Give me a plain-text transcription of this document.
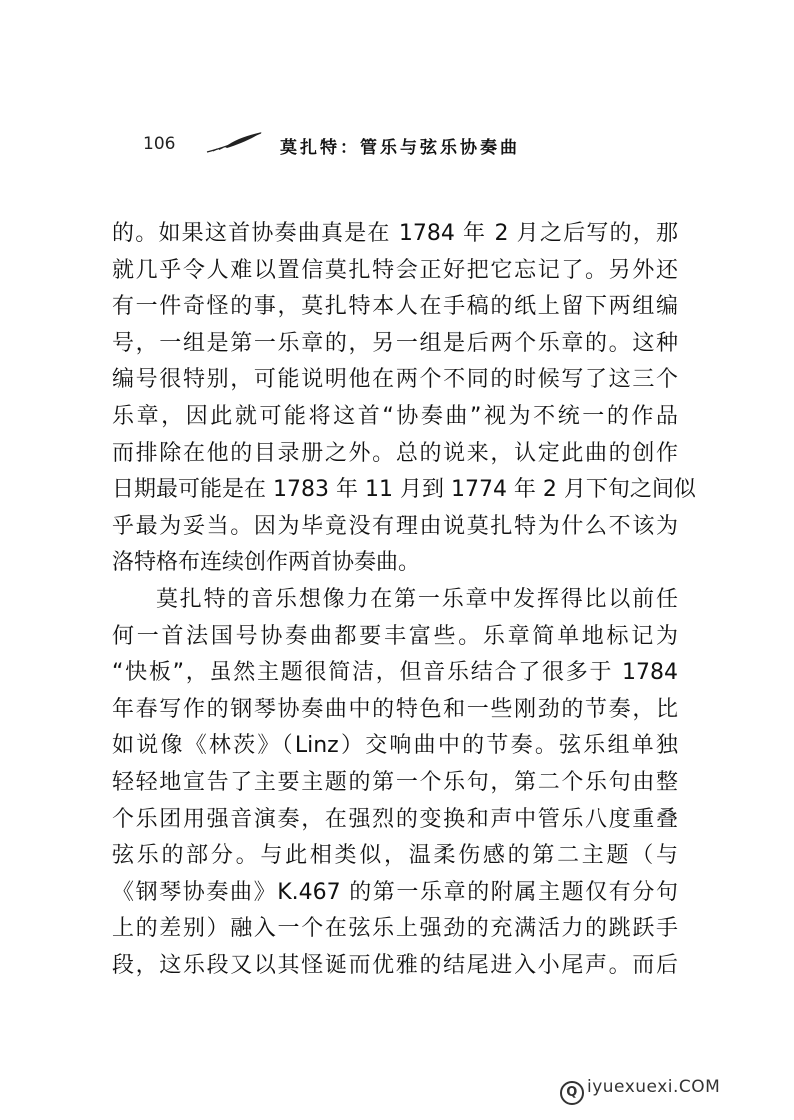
106	莫扎特：管乐与弦乐协奏曲
的。如果这首协奏曲真是在 1784 年 2 月之后写的，那
就几乎令人难以置信莫扎特会正好把它忘记了。另外还
有一件奇怪的事，莫扎特本人在手稿的纸上留下两组编
号，一组是第一乐章的，另一组是后两个乐章的。这种
编号很特别，可能说明他在两个不同的时候写了这三个
乐章，因此就可能将这首“协奏曲”视为不统一的作品
而排除在他的目录册之外。总的说来，认定此曲的创作
日期最可能是在 1783 年 11 月到 1774 年 2 月下旬之间似
乎最为妥当。因为毕竟没有理由说莫扎特为什么不该为
洛特格布连续创作两首协奏曲。
莫扎特的音乐想像力在第一乐章中发挥得比以前任
何一首法国号协奏曲都要丰富些。乐章简单地标记为
“快板”，虽然主题很简洁，但音乐结合了很多于 1784
年春写作的钢琴协奏曲中的特色和一些刚劲的节奏，比
如说像《林茨》（Linz）交响曲中的节奏。弦乐组单独
轻轻地宣告了主要主题的第一个乐句，第二个乐句由整
个乐团用强音演奏，在强烈的变换和声中管乐八度重叠
弦乐的部分。与此相类似，温柔伤感的第二主题（与
《钢琴协奏曲》K.467 的第一乐章的附属主题仅有分句
上的差别）融入一个在弦乐上强劲的充满活力的跳跃手
段，这乐段又以其怪诞而优雅的结尾进入小尾声。而后
Q iyuexuexi.COM
